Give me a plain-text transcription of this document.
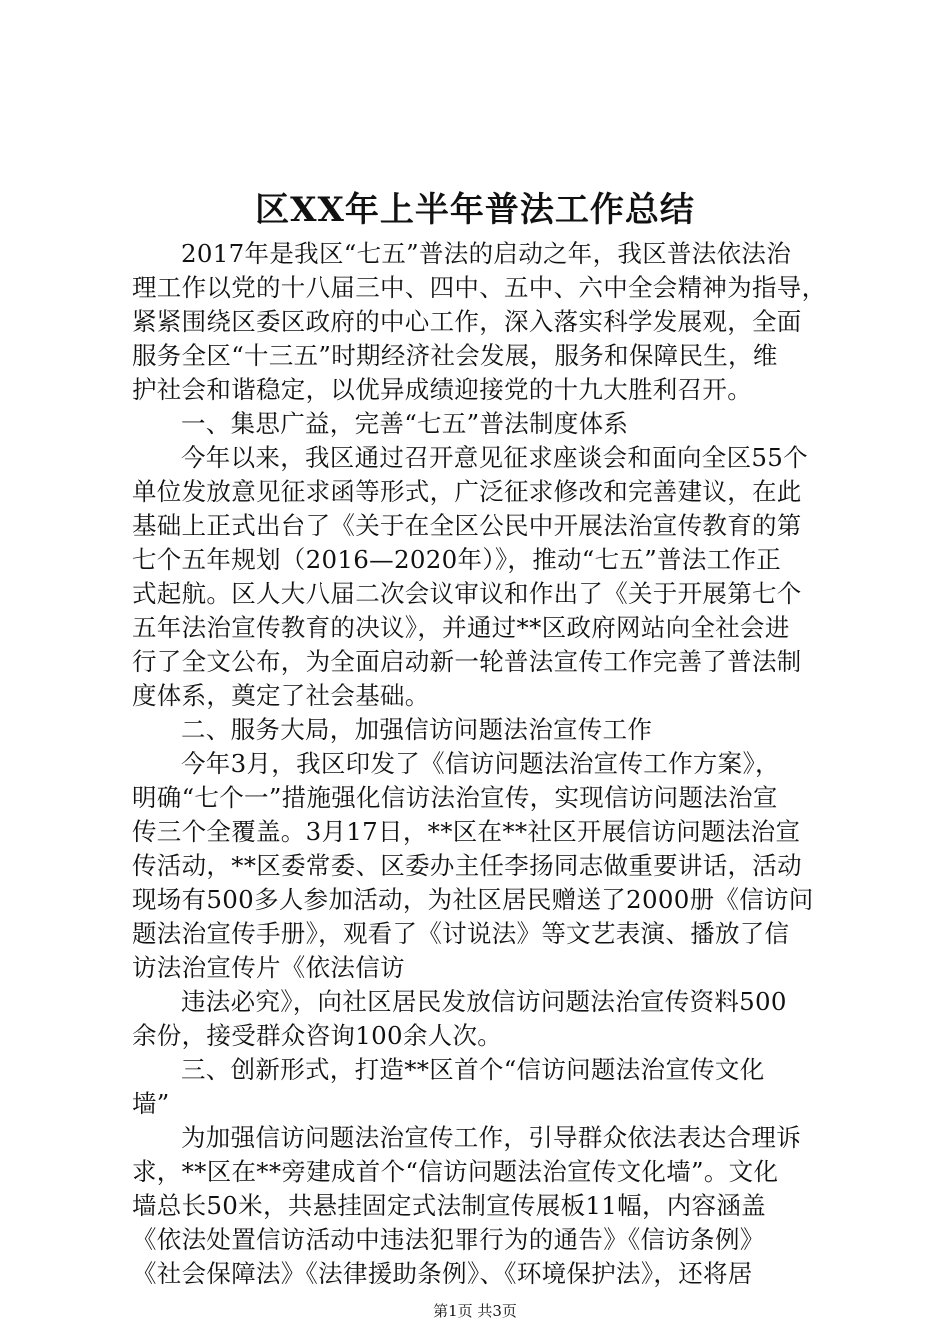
区XX年上半年普法工作总结
2017年是我区“七五”普法的启动之年，我区普法依法治
理工作以党的十八届三中、四中、五中、六中全会精神为指导，
紧紧围绕区委区政府的中心工作，深入落实科学发展观，全面
服务全区“十三五”时期经济社会发展，服务和保障民生，维
护社会和谐稳定，以优异成绩迎接党的十九大胜利召开。
一、集思广益，完善“七五”普法制度体系
今年以来，我区通过召开意见征求座谈会和面向全区55个
单位发放意见征求函等形式，广泛征求修改和完善建议，在此
基础上正式出台了《关于在全区公民中开展法治宣传教育的第
七个五年规划（2016—2020年）》，推动“七五”普法工作正
式起航。区人大八届二次会议审议和作出了《关于开展第七个
五年法治宣传教育的决议》，并通过**区政府网站向全社会进
行了全文公布，为全面启动新一轮普法宣传工作完善了普法制
度体系，奠定了社会基础。
二、服务大局，加强信访问题法治宣传工作
今年3月，我区印发了《信访问题法治宣传工作方案》，
明确“七个一”措施强化信访法治宣传，实现信访问题法治宣
传三个全覆盖。3月17日，**区在**社区开展信访问题法治宣
传活动，**区委常委、区委办主任李扬同志做重要讲话，活动
现场有500多人参加活动，为社区居民赠送了2000册《信访问
题法治宣传手册》，观看了《讨说法》等文艺表演、播放了信
访法治宣传片《依法信访
违法必究》，向社区居民发放信访问题法治宣传资料500
余份，接受群众咨询100余人次。
三、创新形式，打造**区首个“信访问题法治宣传文化
墙”
为加强信访问题法治宣传工作，引导群众依法表达合理诉
求，**区在**旁建成首个“信访问题法治宣传文化墙”。文化
墙总长50米，共悬挂固定式法制宣传展板11幅，内容涵盖
《依法处置信访活动中违法犯罪行为的通告》《信访条例》
《社会保障法》《法律援助条例》、《环境保护法》，还将居
第1页 共3页
